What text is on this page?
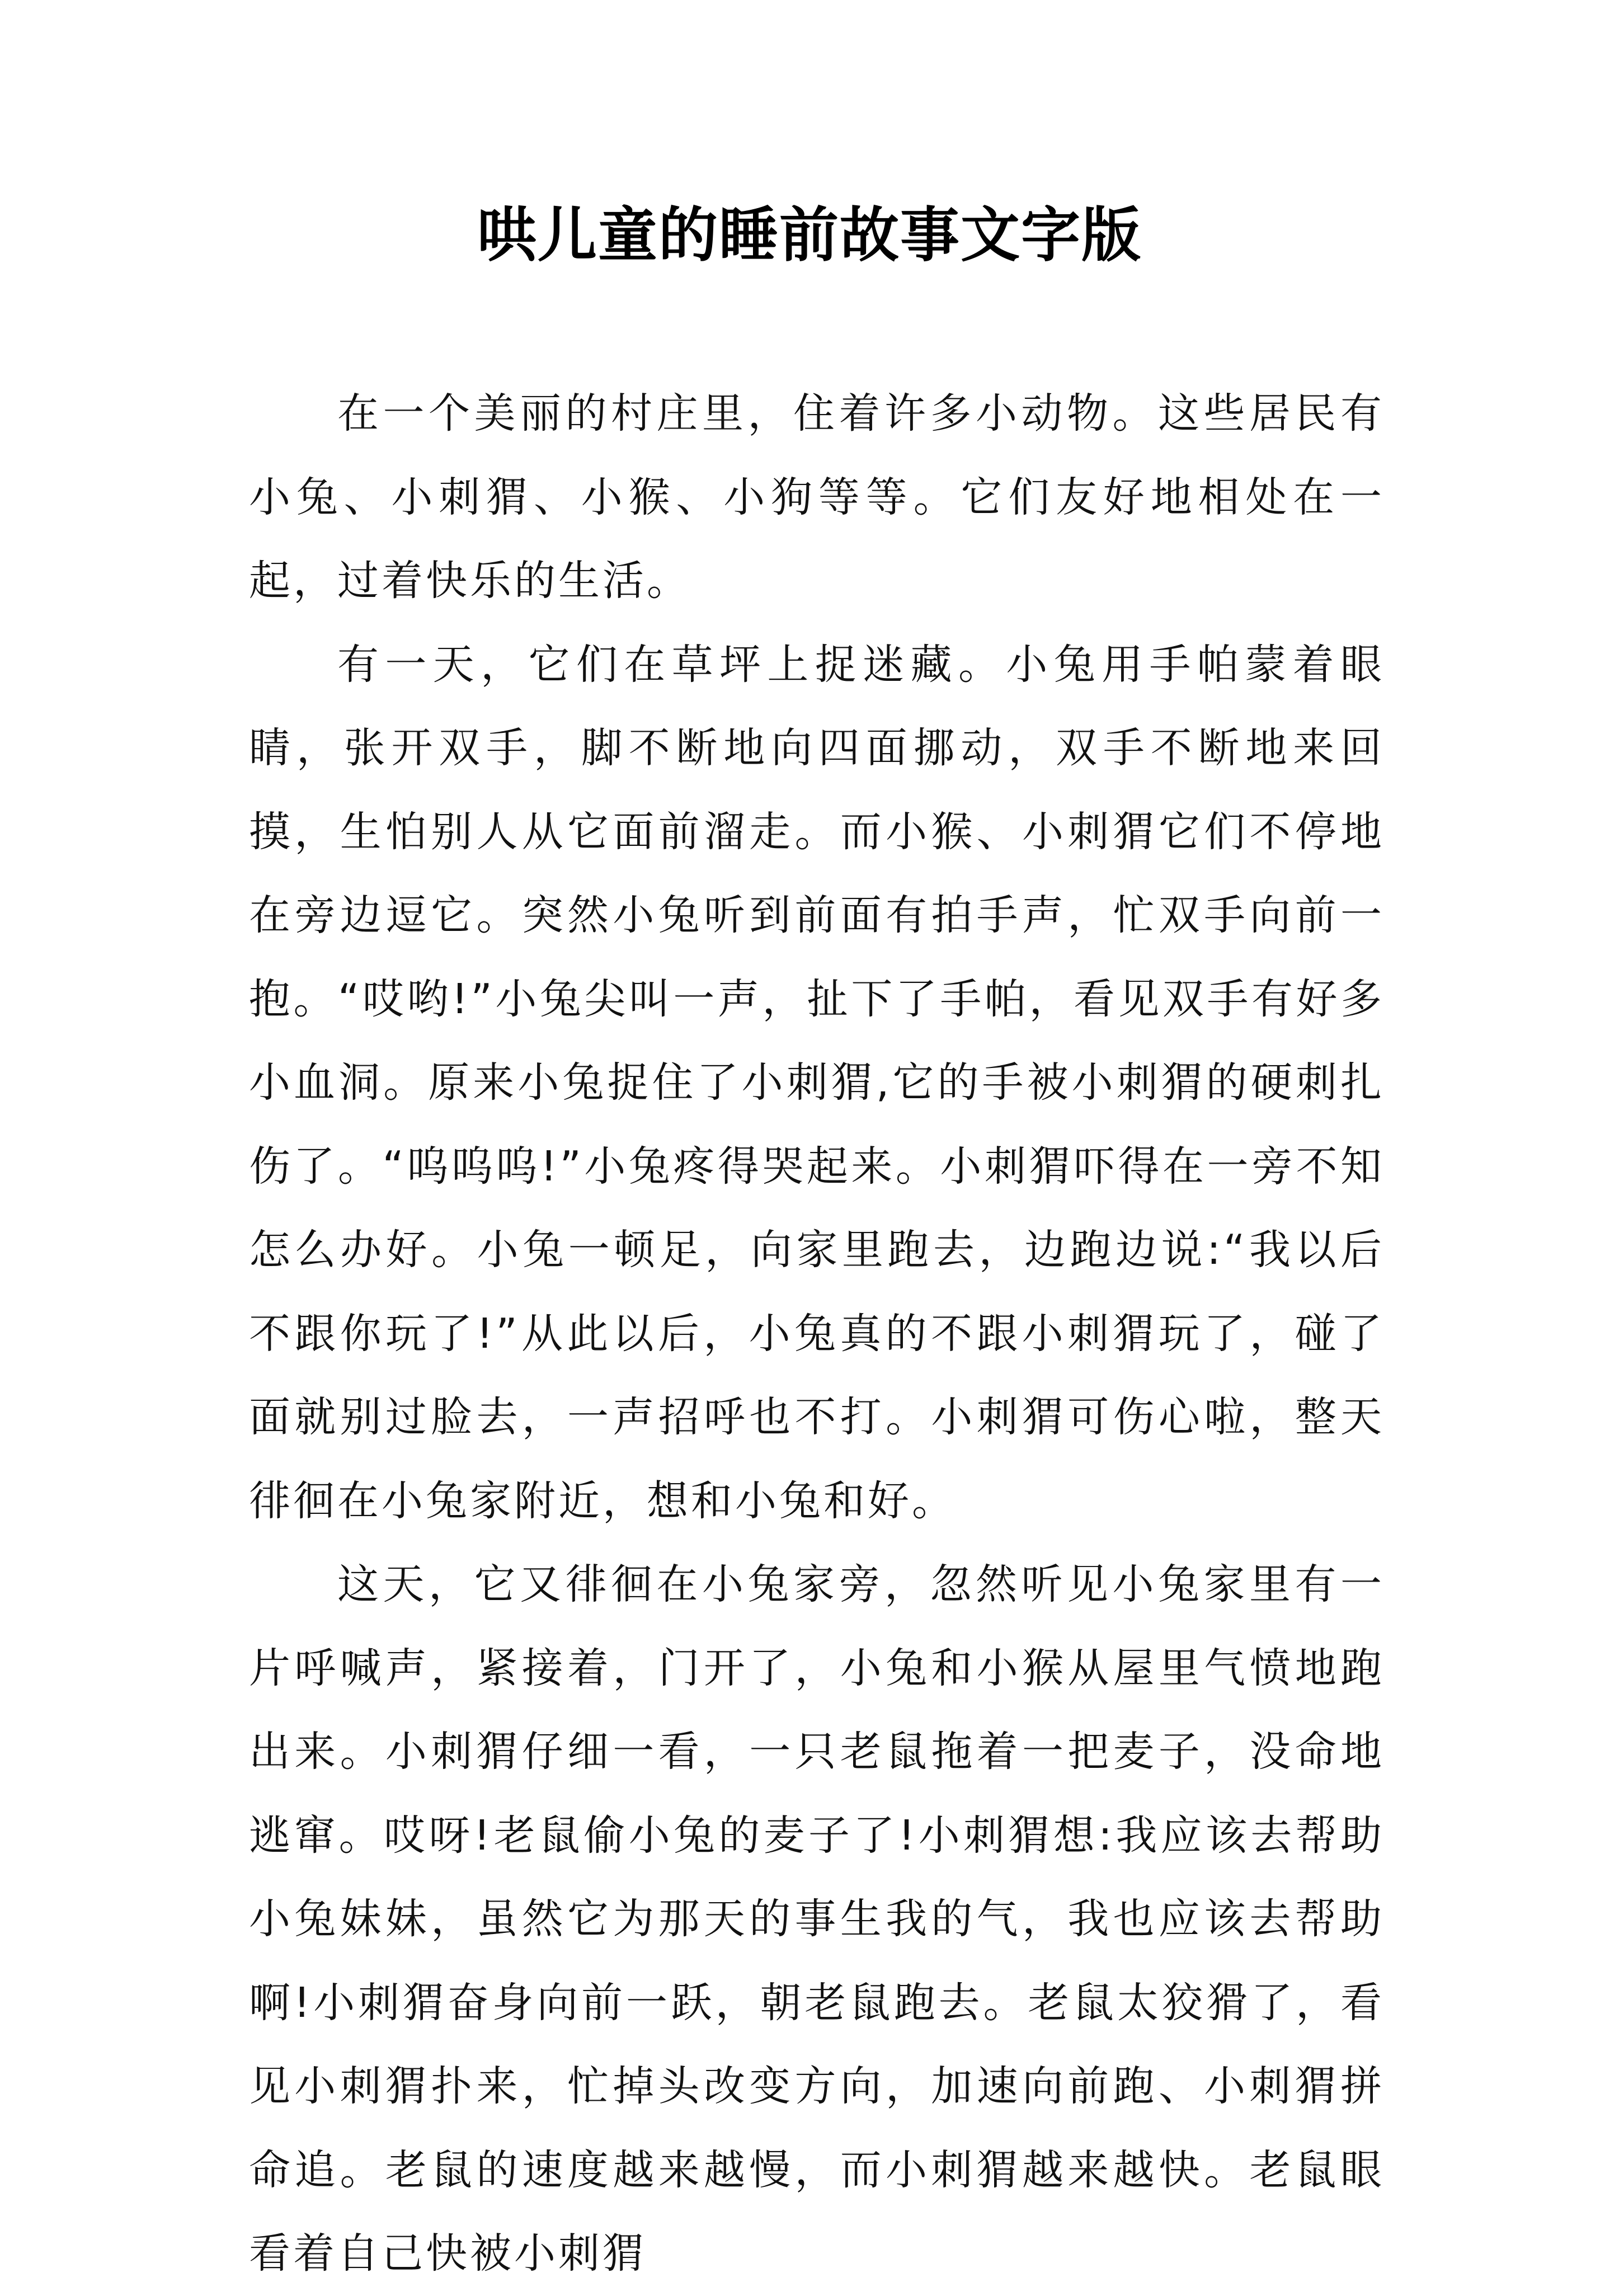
哄儿童的睡前故事文字版

在一个美丽的村庄里，住着许多小动物。这些居民有小兔、小刺猬、小猴、小狗等等。它们友好地相处在一起，过着快乐的生活。

有一天，它们在草坪上捉迷藏。小兔用手帕蒙着眼睛，张开双手，脚不断地向四面挪动，双手不断地来回摸，生怕别人从它面前溜走。而小猴、小刺猬它们不停地在旁边逗它。突然小兔听到前面有拍手声，忙双手向前一抱。“哎哟!”小兔尖叫一声，扯下了手帕，看见双手有好多小血洞。原来小兔捉住了小刺猬,它的手被小刺猬的硬刺扎伤了。“呜呜呜!”小兔疼得哭起来。小刺猬吓得在一旁不知怎么办好。小兔一顿足，向家里跑去，边跑边说:“我以后不跟你玩了!”从此以后，小兔真的不跟小刺猬玩了，碰了面就别过脸去，一声招呼也不打。小刺猬可伤心啦，整天徘徊在小兔家附近，想和小兔和好。

这天，它又徘徊在小兔家旁，忽然听见小兔家里有一片呼喊声，紧接着，门开了，小兔和小猴从屋里气愤地跑出来。小刺猬仔细一看，一只老鼠拖着一把麦子，没命地逃窜。哎呀!老鼠偷小兔的麦子了!小刺猬想:我应该去帮助小兔妹妹，虽然它为那天的事生我的气，我也应该去帮助啊!小刺猬奋身向前一跃，朝老鼠跑去。老鼠太狡猾了，看见小刺猬扑来，忙掉头改变方向，加速向前跑、小刺猬拼命追。老鼠的速度越来越慢，而小刺猬越来越快。老鼠眼看着自己快被小刺猬
